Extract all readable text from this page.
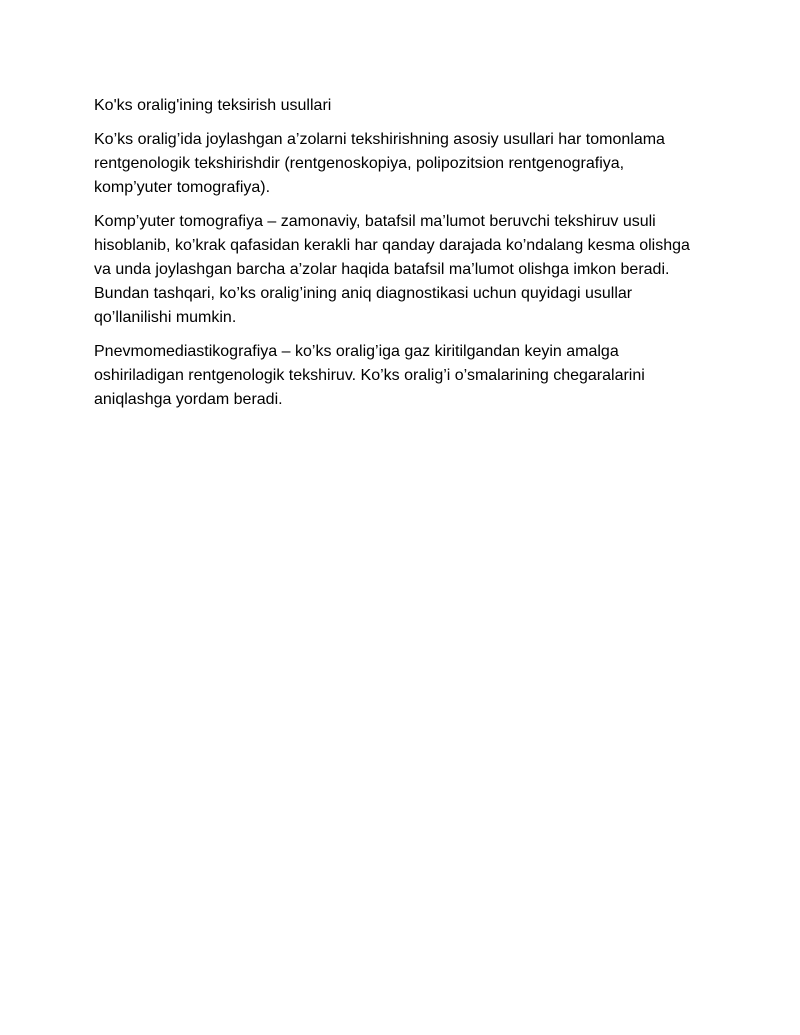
Ko'ks oralig'ining teksirish usullari

Ko’ks oralig’ida joylashgan a’zolarni tekshirishning asosiy usullari har tomonlama rentgenologik tekshirishdir (rentgenoskopiya, polipozitsion rentgenografiya, komp’yuter tomografiya).

Komp’yuter tomografiya – zamonaviy, batafsil ma’lumot beruvchi tekshiruv usuli hisoblanib, ko’krak qafasidan kerakli har qanday darajada ko’ndalang kesma olishga va unda joylashgan barcha a’zolar haqida batafsil ma’lumot olishga imkon beradi. Bundan tashqari, ko’ks oralig’ining aniq diagnostikasi uchun quyidagi usullar qo’llanilishi mumkin.

Pnevmomediastikografiya – ko’ks oralig’iga gaz kiritilgandan keyin amalga oshiriladigan rentgenologik tekshiruv. Ko’ks oralig’i o’smalarining chegaralarini aniqlashga yordam beradi.
